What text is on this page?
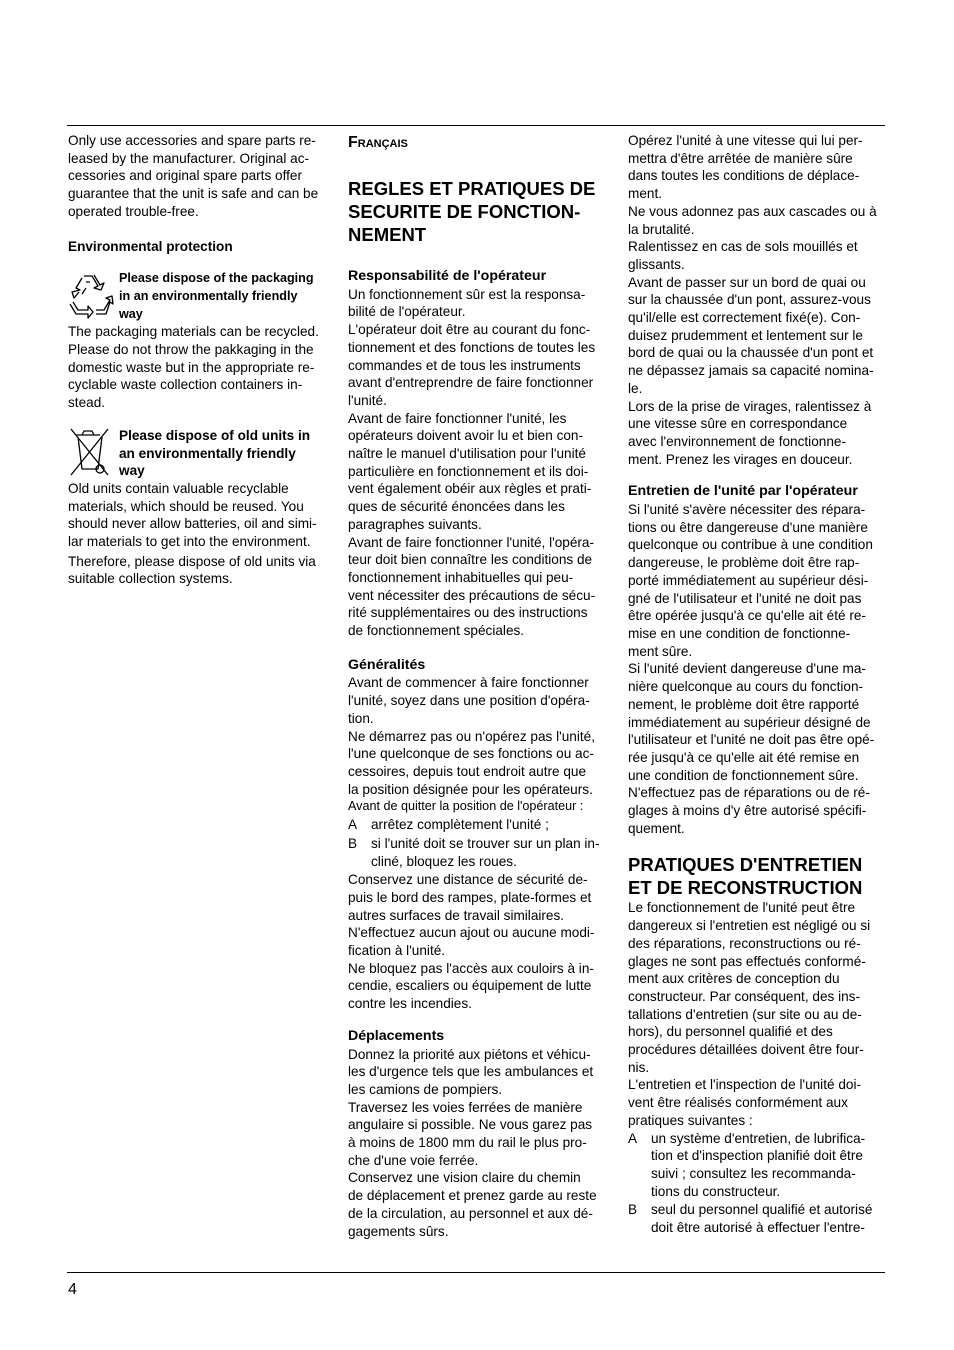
Only use accessories and spare parts re-
leased by the manufacturer. Original ac-
cessories and original spare parts offer
guarantee that the unit is safe and can be
operated trouble-free.
Environmental protection
Please dispose of the packaging
in an environmentally friendly
way
The packaging materials can be recycled.
Please do not throw the pakkaging in the
domestic waste but in the appropriate re-
cyclable waste collection containers in-
stead.
Please dispose of old units in
an environmentally friendly
way
Old units contain valuable recyclable
materials, which should be reused. You
should never allow batteries, oil and simi-
lar materials to get into the environment.
Therefore, please dispose of old units via
suitable collection systems.
Français
REGLES ET PRATIQUES DE
SECURITE DE FONCTION-
NEMENT
Responsabilité de l'opérateur
Un fonctionnement sûr est la responsa-
bilité de l'opérateur.
L'opérateur doit être au courant du fonc-
tionnement et des fonctions de toutes les
commandes et de tous les instruments
avant d'entreprendre de faire fonctionner
l'unité.
Avant de faire fonctionner l'unité, les
opérateurs doivent avoir lu et bien con-
naître le manuel d'utilisation pour l'unité
particulière en fonctionnement et ils doi-
vent également obéir aux règles et prati-
ques de sécurité énoncées dans les
paragraphes suivants.
Avant de faire fonctionner l'unité, l'opéra-
teur doit bien connaître les conditions de
fonctionnement inhabituelles qui peu-
vent nécessiter des précautions de sécu-
rité supplémentaires ou des instructions
de fonctionnement spéciales.
Généralités
Avant de commencer à faire fonctionner
l'unité, soyez dans une position d'opéra-
tion.
Ne démarrez pas ou n'opérez pas l'unité,
l'une quelconque de ses fonctions ou ac-
cessoires, depuis tout endroit autre que
la position désignée pour les opérateurs.
Avant de quitter la position de l'opérateur :
A	arrêtez complètement l'unité ;
B	si l'unité doit se trouver sur un plan in-
cliné, bloquez les roues.
Conservez une distance de sécurité de-
puis le bord des rampes, plate-formes et
autres surfaces de travail similaires.
N'effectuez aucun ajout ou aucune modi-
fication à l'unité.
Ne bloquez pas l'accès aux couloirs à in-
cendie, escaliers ou équipement de lutte
contre les incendies.
Déplacements
Donnez la priorité aux piétons et véhicu-
les d'urgence tels que les ambulances et
les camions de pompiers.
Traversez les voies ferrées de manière
angulaire si possible. Ne vous garez pas
à moins de 1800 mm du rail le plus pro-
che d'une voie ferrée.
Conservez une vision claire du chemin
de déplacement et prenez garde au reste
de la circulation, au personnel et aux dé-
gagements sûrs.
Opérez l'unité à une vitesse qui lui per-
mettra d'être arrêtée de manière sûre
dans toutes les conditions de déplace-
ment.
Ne vous adonnez pas aux cascades ou à
la brutalité.
Ralentissez en cas de sols mouillés et
glissants.
Avant de passer sur un bord de quai ou
sur la chaussée d'un pont, assurez-vous
qu'il/elle est correctement fixé(e). Con-
duisez prudemment et lentement sur le
bord de quai ou la chaussée d'un pont et
ne dépassez jamais sa capacité nomina-
le.
Lors de la prise de virages, ralentissez à
une vitesse sûre en correspondance
avec l'environnement de fonctionne-
ment. Prenez les virages en douceur.
Entretien de l'unité par l'opérateur
Si l'unité s'avère nécessiter des répara-
tions ou être dangereuse d'une manière
quelconque ou contribue à une condition
dangereuse, le problème doit être rap-
porté immédiatement au supérieur dési-
gné de l'utilisateur et l'unité ne doit pas
être opérée jusqu'à ce qu'elle ait été re-
mise en une condition de fonctionne-
ment sûre.
Si l'unité devient dangereuse d'une ma-
nière quelconque au cours du fonction-
nement, le problème doit être rapporté
immédiatement au supérieur désigné de
l'utilisateur et l'unité ne doit pas être opé-
rée jusqu'à ce qu'elle ait été remise en
une condition de fonctionnement sûre.
N'effectuez pas de réparations ou de ré-
glages à moins d'y être autorisé spécifi-
quement.
PRATIQUES D'ENTRETIEN
ET DE RECONSTRUCTION
Le fonctionnement de l'unité peut être
dangereux si l'entretien est négligé ou si
des réparations, reconstructions ou ré-
glages ne sont pas effectués conformé-
ment aux critères de conception du
constructeur. Par conséquent, des ins-
tallations d'entretien (sur site ou au de-
hors), du personnel qualifié et des
procédures détaillées doivent être four-
nis.
L'entretien et l'inspection de l'unité doi-
vent être réalisés conformément aux
pratiques suivantes :
A	un système d'entretien, de lubrifica-
tion et d'inspection planifié doit être
suivi ; consultez les recommanda-
tions du constructeur.
B	seul du personnel qualifié et autorisé
doit être autorisé à effectuer l'entre-
4
